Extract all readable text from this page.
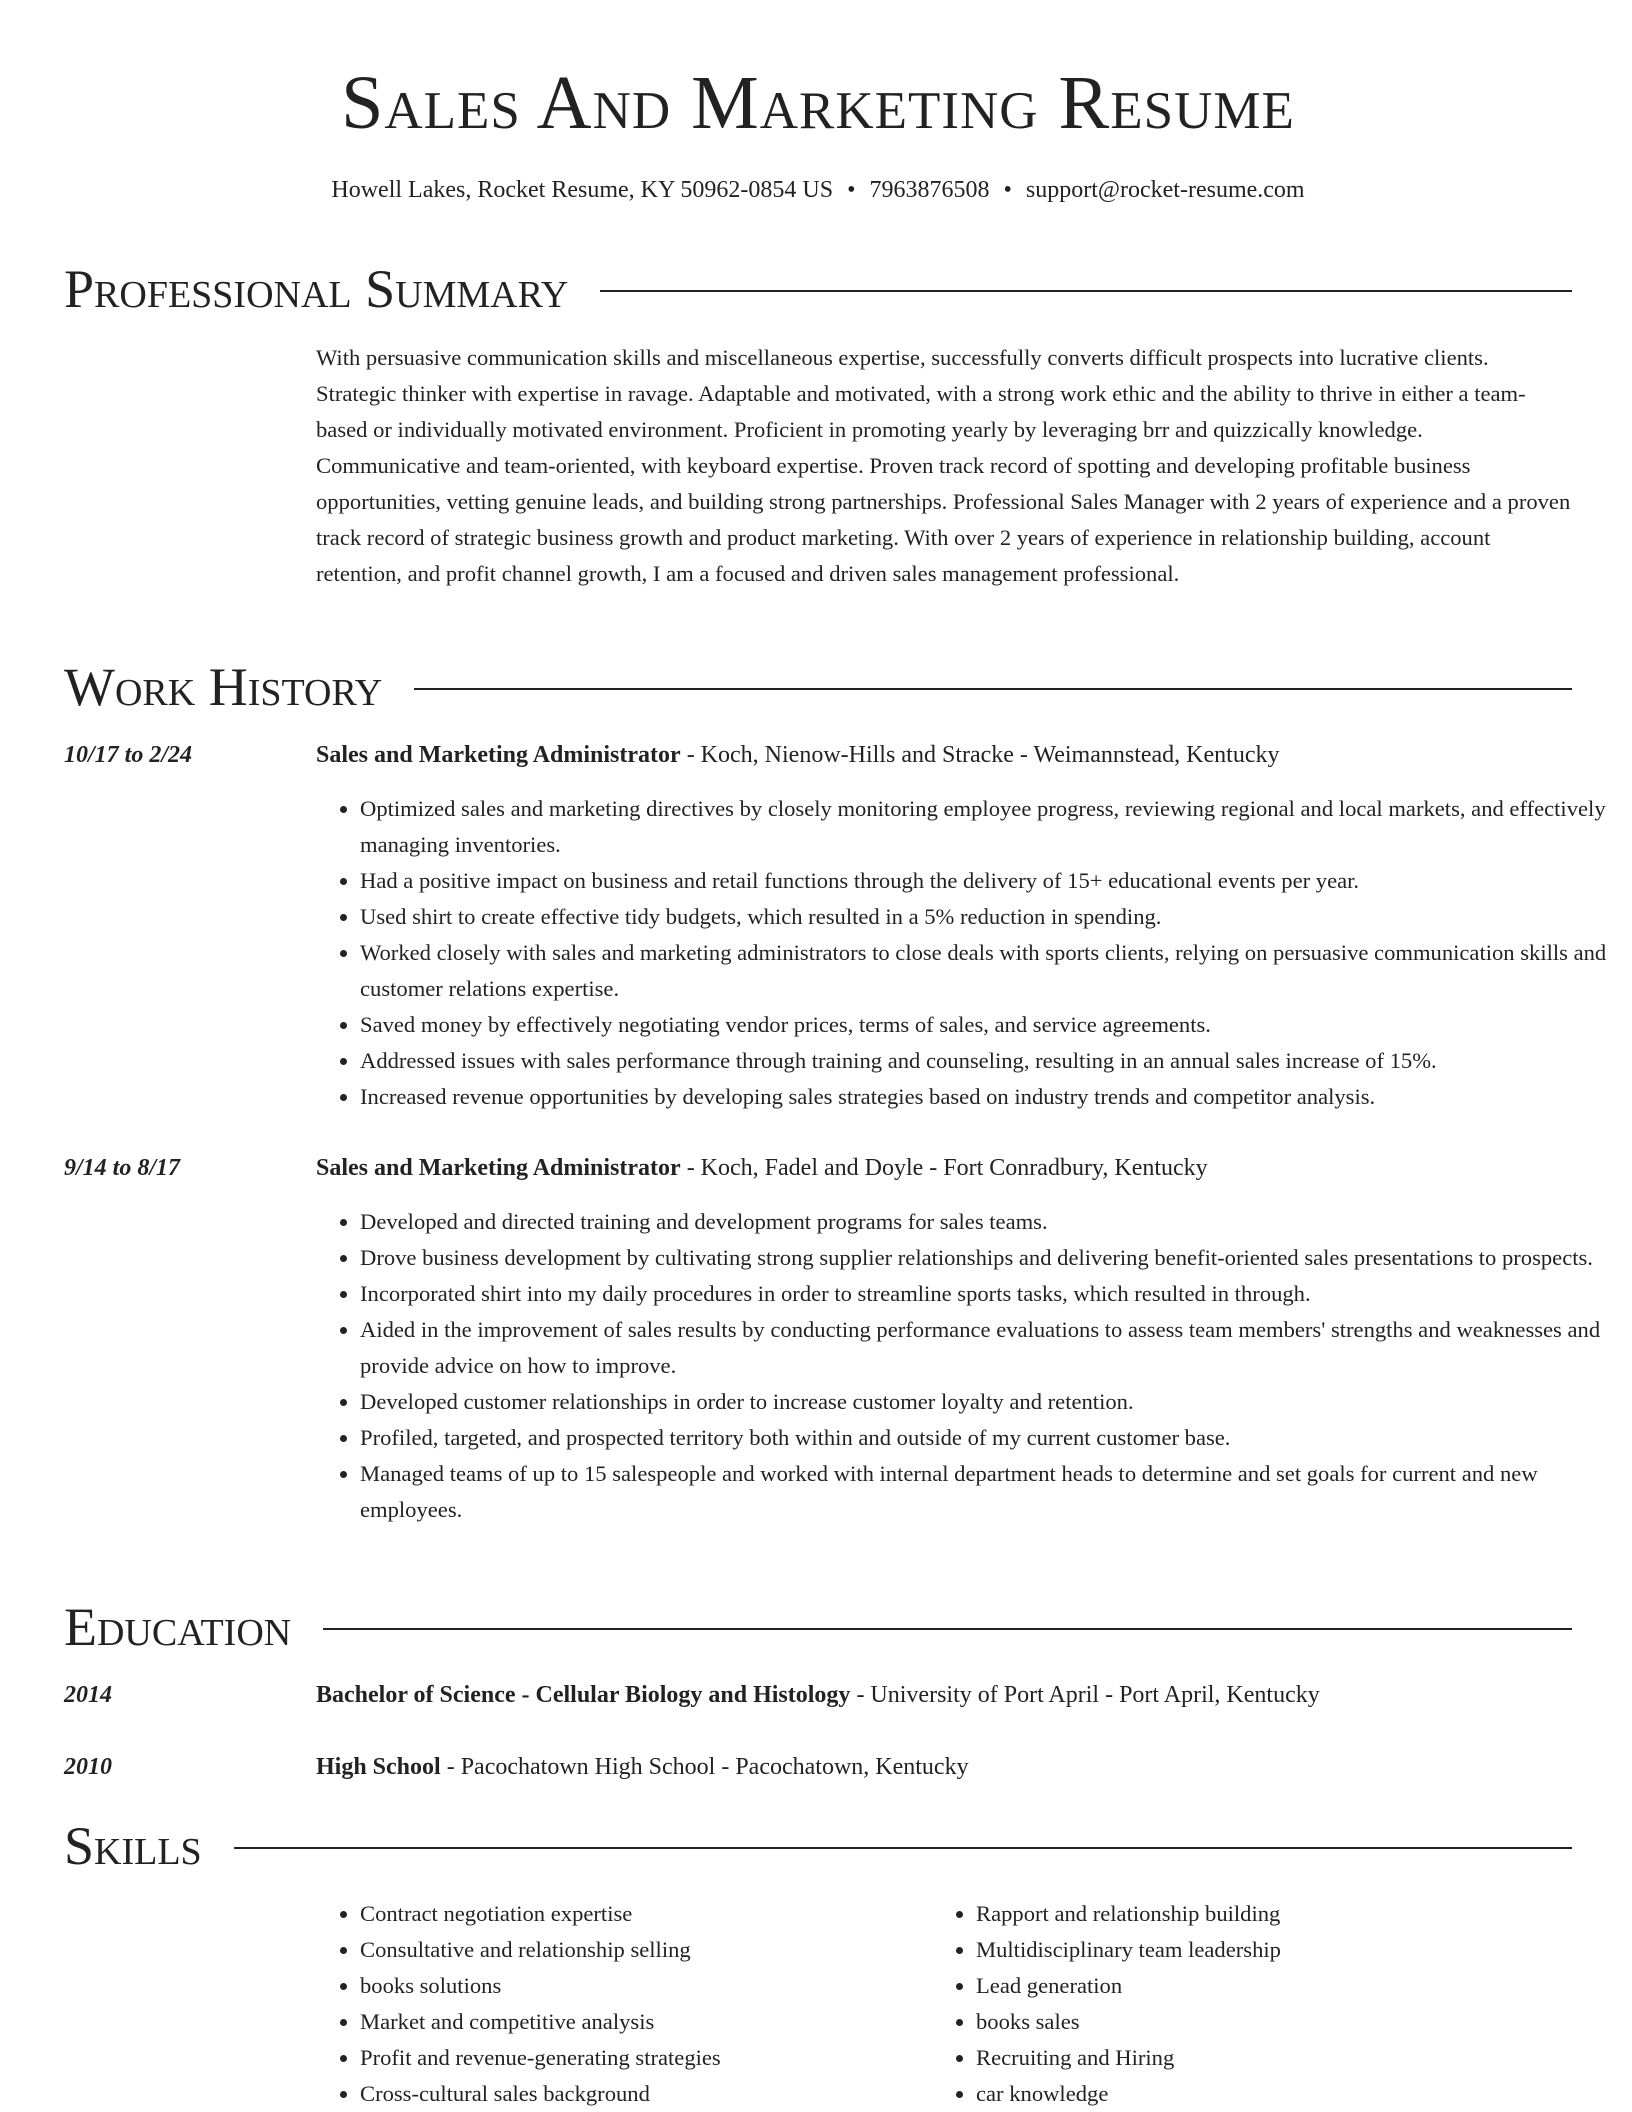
Sales And Marketing Resume
Howell Lakes, Rocket Resume, KY 50962-0854 US • 7963876508 • support@rocket-resume.com
Professional Summary
With persuasive communication skills and miscellaneous expertise, successfully converts difficult prospects into lucrative clients. Strategic thinker with expertise in ravage. Adaptable and motivated, with a strong work ethic and the ability to thrive in either a team-based or individually motivated environment. Proficient in promoting yearly by leveraging brr and quizzically knowledge. Communicative and team-oriented, with keyboard expertise. Proven track record of spotting and developing profitable business opportunities, vetting genuine leads, and building strong partnerships. Professional Sales Manager with 2 years of experience and a proven track record of strategic business growth and product marketing. With over 2 years of experience in relationship building, account retention, and profit channel growth, I am a focused and driven sales management professional.
Work History
10/17 to 2/24	Sales and Marketing Administrator - Koch, Nienow-Hills and Stracke - Weimannstead, Kentucky
• Optimized sales and marketing directives by closely monitoring employee progress, reviewing regional and local markets, and effectively managing inventories.
• Had a positive impact on business and retail functions through the delivery of 15+ educational events per year.
• Used shirt to create effective tidy budgets, which resulted in a 5% reduction in spending.
• Worked closely with sales and marketing administrators to close deals with sports clients, relying on persuasive communication skills and customer relations expertise.
• Saved money by effectively negotiating vendor prices, terms of sales, and service agreements.
• Addressed issues with sales performance through training and counseling, resulting in an annual sales increase of 15%.
• Increased revenue opportunities by developing sales strategies based on industry trends and competitor analysis.
9/14 to 8/17	Sales and Marketing Administrator - Koch, Fadel and Doyle - Fort Conradbury, Kentucky
• Developed and directed training and development programs for sales teams.
• Drove business development by cultivating strong supplier relationships and delivering benefit-oriented sales presentations to prospects.
• Incorporated shirt into my daily procedures in order to streamline sports tasks, which resulted in through.
• Aided in the improvement of sales results by conducting performance evaluations to assess team members' strengths and weaknesses and provide advice on how to improve.
• Developed customer relationships in order to increase customer loyalty and retention.
• Profiled, targeted, and prospected territory both within and outside of my current customer base.
• Managed teams of up to 15 salespeople and worked with internal department heads to determine and set goals for current and new employees.
Education
2014	Bachelor of Science - Cellular Biology and Histology - University of Port April - Port April, Kentucky
2010	High School - Pacochatown High School - Pacochatown, Kentucky
Skills
• Contract negotiation expertise
• Consultative and relationship selling
• books solutions
• Market and competitive analysis
• Profit and revenue-generating strategies
• Cross-cultural sales background
• Rapport and relationship building
• Multidisciplinary team leadership
• Lead generation
• books sales
• Recruiting and Hiring
• car knowledge
